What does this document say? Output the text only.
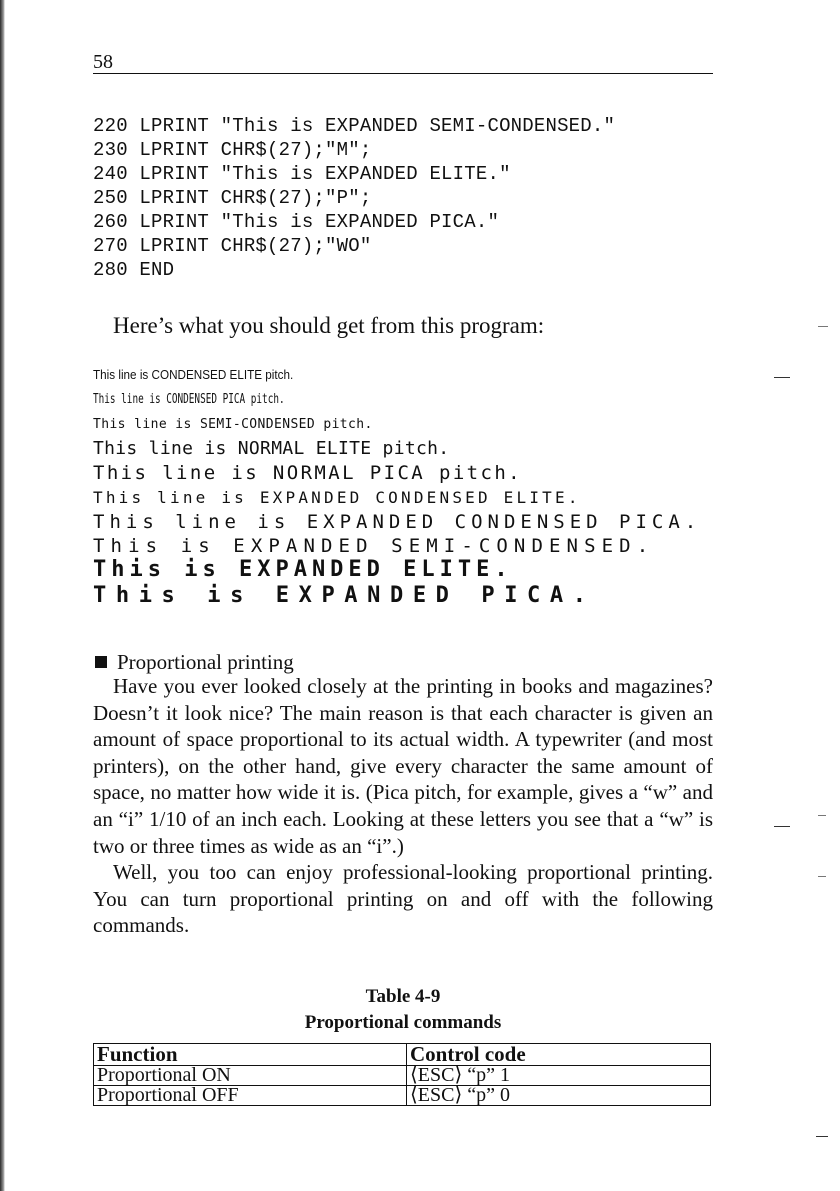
58
220 LPRINT "This is EXPANDED SEMI-CONDENSED."
230 LPRINT CHR$(27);"M";
240 LPRINT "This is EXPANDED ELITE."
250 LPRINT CHR$(27);"P";
260 LPRINT "This is EXPANDED PICA."
270 LPRINT CHR$(27);"WO"
280 END
Here’s what you should get from this program:
This line is CONDENSED ELITE pitch.
This line is CONDENSED PICA pitch.
This line is SEMI-CONDENSED pitch.
This line is NORMAL ELITE pitch.
This line is NORMAL PICA pitch.
This line is EXPANDED CONDENSED ELITE.
This line is EXPANDED CONDENSED PICA.
This is EXPANDED SEMI-CONDENSED.
This is EXPANDED ELITE.
This is EXPANDED PICA.
Proportional printing

Have you ever looked closely at the printing in books and magazines? Doesn’t it look nice? The main reason is that each character is given an amount of space proportional to its actual width. A typewriter (and most printers), on the other hand, give every character the same amount of space, no matter how wide it is. (Pica pitch, for example, gives a “w” and an “i” 1/10 of an inch each. Looking at these letters you see that a “w” is two or three times as wide as an “i”.)

Well, you too can enjoy professional-looking proportional printing. You can turn proportional printing on and off with the following commands.

Table 4-9
Proportional commands
Function	Control code
Proportional ON	⟨ESC⟩ “p” 1
Proportional OFF	⟨ESC⟩ “p” 0
